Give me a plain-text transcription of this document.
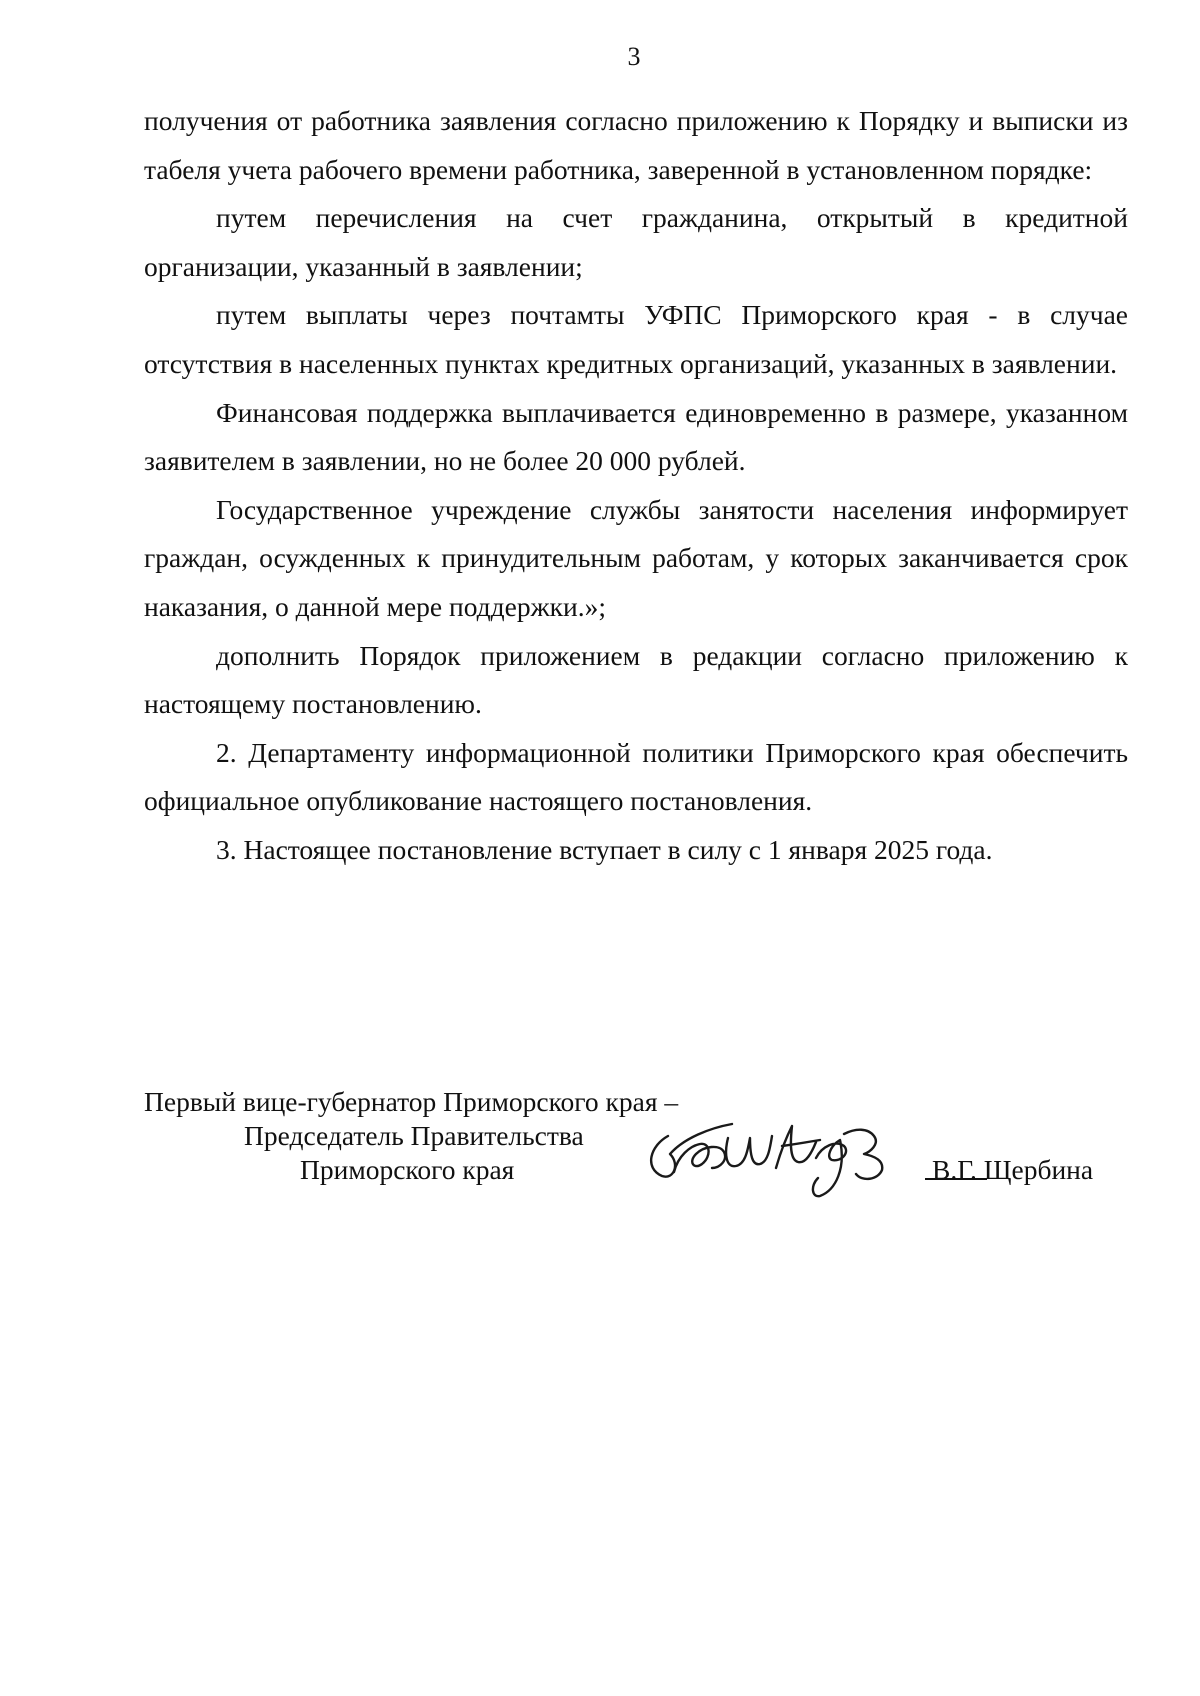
3

получения от работника заявления согласно приложению к Порядку и выписки из табеля учета рабочего времени работника, заверенной в установленном порядке:

путем перечисления на счет гражданина, открытый в кредитной организации, указанный в заявлении;

путем выплаты через почтамты УФПС Приморского края - в случае отсутствия в населенных пунктах кредитных организаций, указанных в заявлении.

Финансовая поддержка выплачивается единовременно в размере, указанном заявителем в заявлении, но не более 20 000 рублей.

Государственное учреждение службы занятости населения информирует граждан, осужденных к принудительным работам, у которых заканчивается срок наказания, о данной мере поддержки.»;

дополнить Порядок приложением в редакции согласно приложению к настоящему постановлению.

2. Департаменту информационной политики Приморского края обеспечить официальное опубликование настоящего постановления.

3. Настоящее постановление вступает в силу с 1 января 2025 года.

Первый вице-губернатор Приморского края –
Председатель Правительства
Приморского края	В.Г. Щербина
